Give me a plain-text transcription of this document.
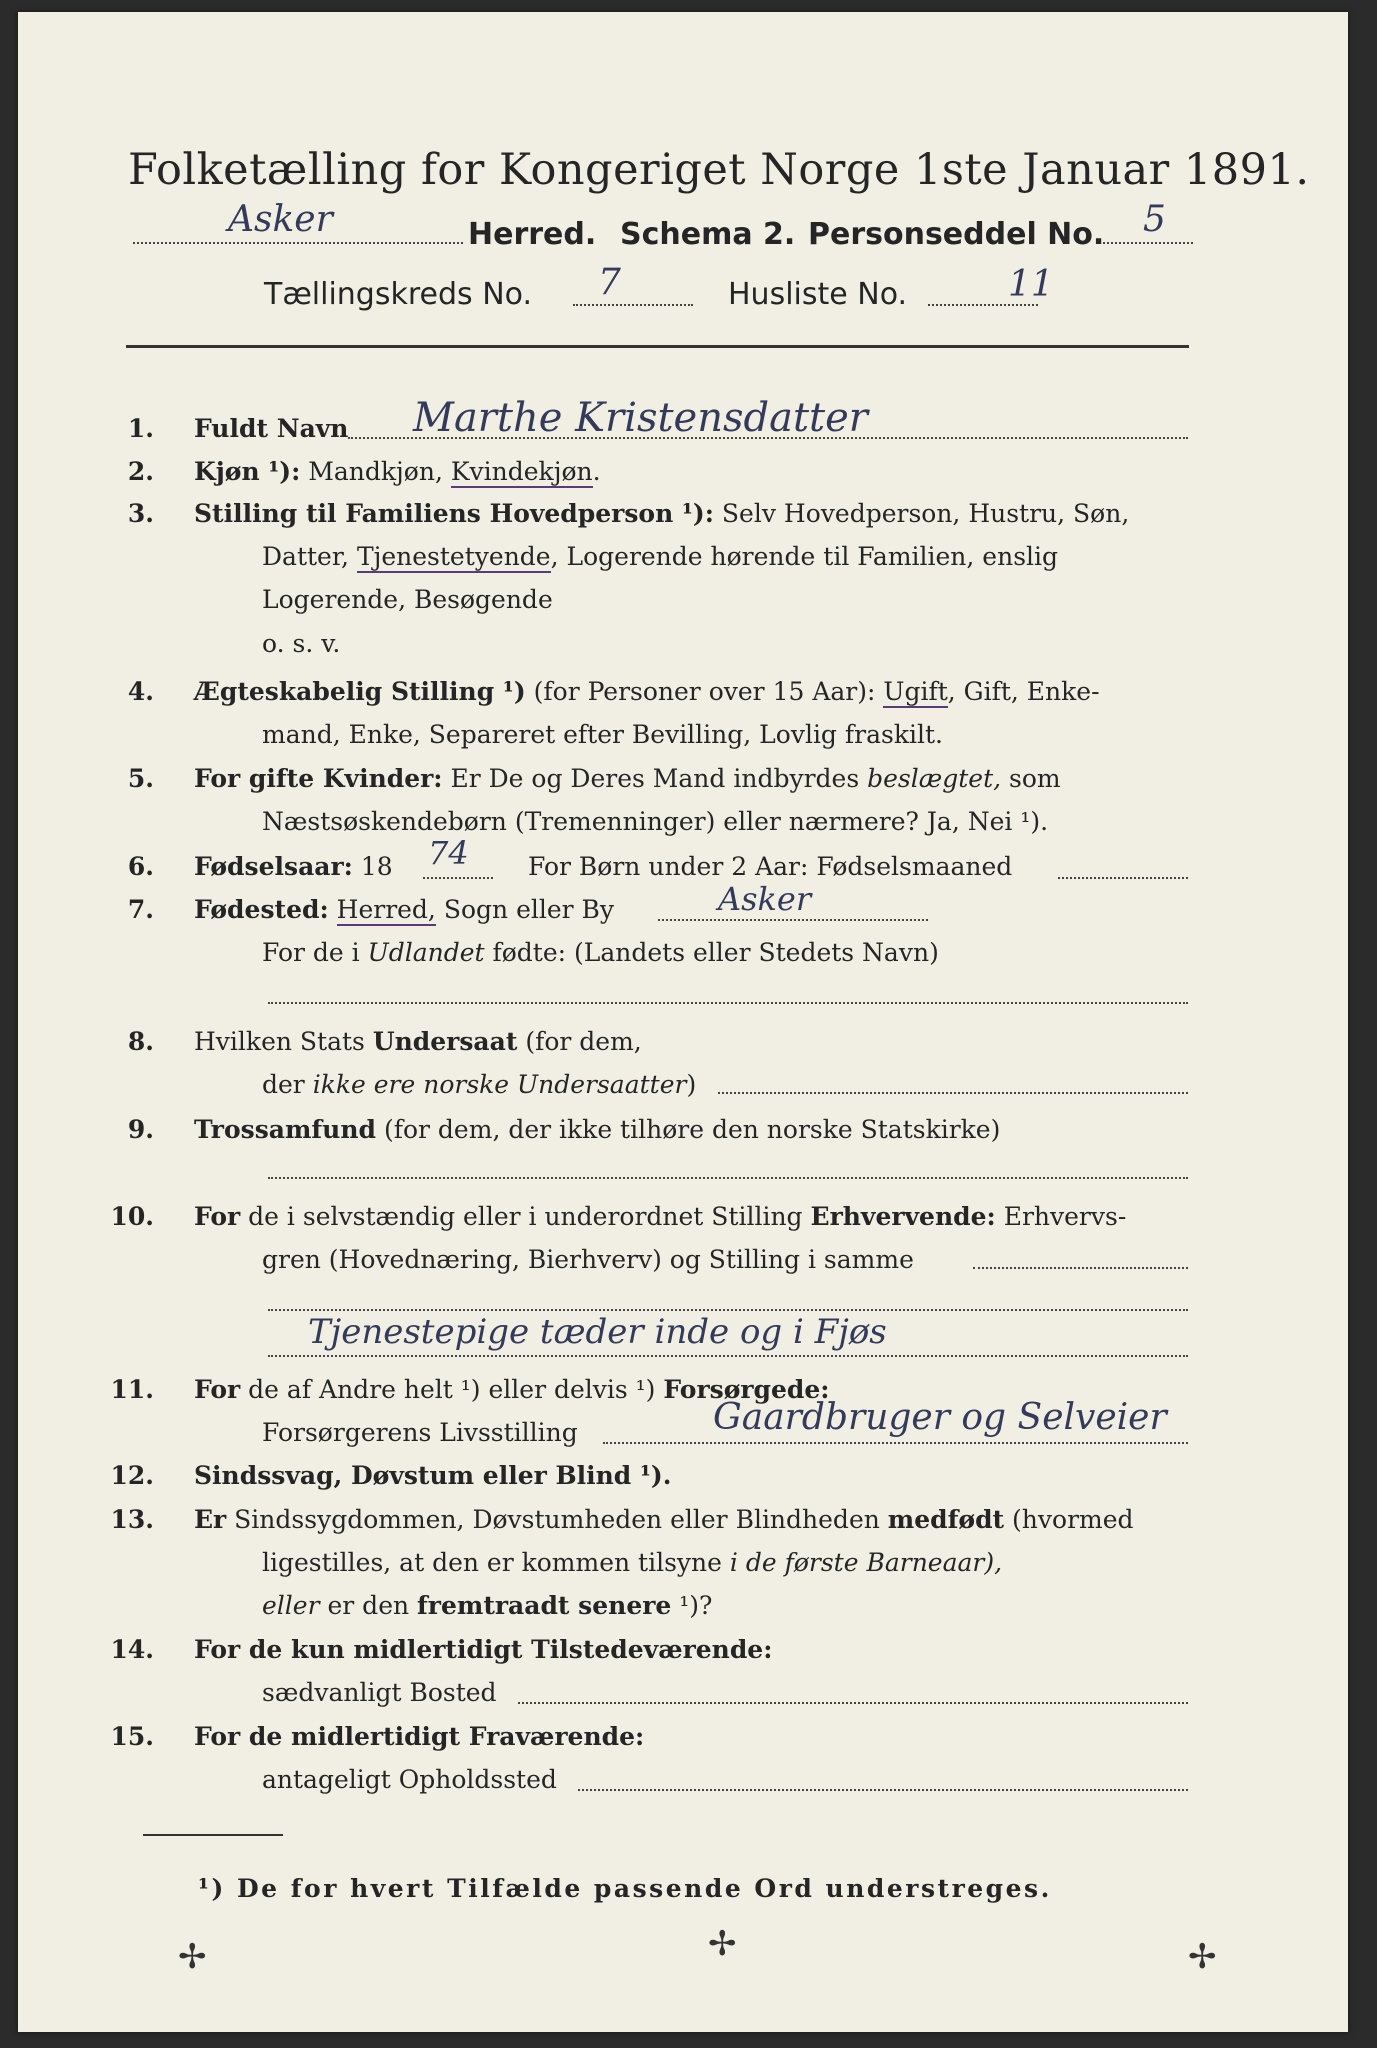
Folketælling for Kongeriget Norge 1ste Januar 1891.
Asker	Herred. Schema 2. Personseddel No. 5
Tællingskreds No. 7	Husliste No.	11
1. Fuldt Navn Marthe Kristensdatter
2. Kjøn ¹): Mandkjøn, Kvindekjøn.
3. Stilling til Familiens Hovedperson ¹): Selv Hovedperson, Hustru, Søn,
Datter, Tjenestetyende, Logerende hørende til Familien, enslig
Logerende, Besøgende
o. s. v.
4. Ægteskabelig Stilling ¹) (for Personer over 15 Aar): Ugift, Gift, Enke-
mand, Enke, Separeret efter Bevilling, Lovlig fraskilt.
5. For gifte Kvinder: Er De og Deres Mand indbyrdes beslægtet, som
Næstsøskendebørn (Tremenninger) eller nærmere? Ja, Nei ¹).
6. Fødselsaar: 18 74 For Børn under 2 Aar: Fødselsmaaned
7. Fødested: Herred, Sogn eller By	Asker
For de i Udlandet fødte: (Landets eller Stedets Navn)
8. Hvilken Stats Undersaat (for dem,
der ikke ere norske Undersaatter)
9. Trossamfund (for dem, der ikke tilhøre den norske Statskirke)
10. For de i selvstændig eller i underordnet Stilling Erhvervende: Erhvervs-
gren (Hovednæring, Bierhverv) og Stilling i samme
Tjenestepige tæder inde og i Fjøs
11. For de af Andre helt ¹) eller delvis ¹) Forsørgede:
Forsørgerens Livsstilling	Gaardbruger og Selveier
12. Sindssvag, Døvstum eller Blind ¹).
13. Er Sindssygdommen, Døvstumheden eller Blindheden medfødt (hvormed
ligestilles, at den er kommen tilsyne i de første Barneaar),
eller er den fremtraadt senere ¹)?
14. For de kun midlertidigt Tilstedeværende:
sædvanligt Bosted
15. For de midlertidigt Fraværende:
antageligt Opholdssted
¹) De for hvert Tilfælde passende Ord understreges.
✢	✢	✢
